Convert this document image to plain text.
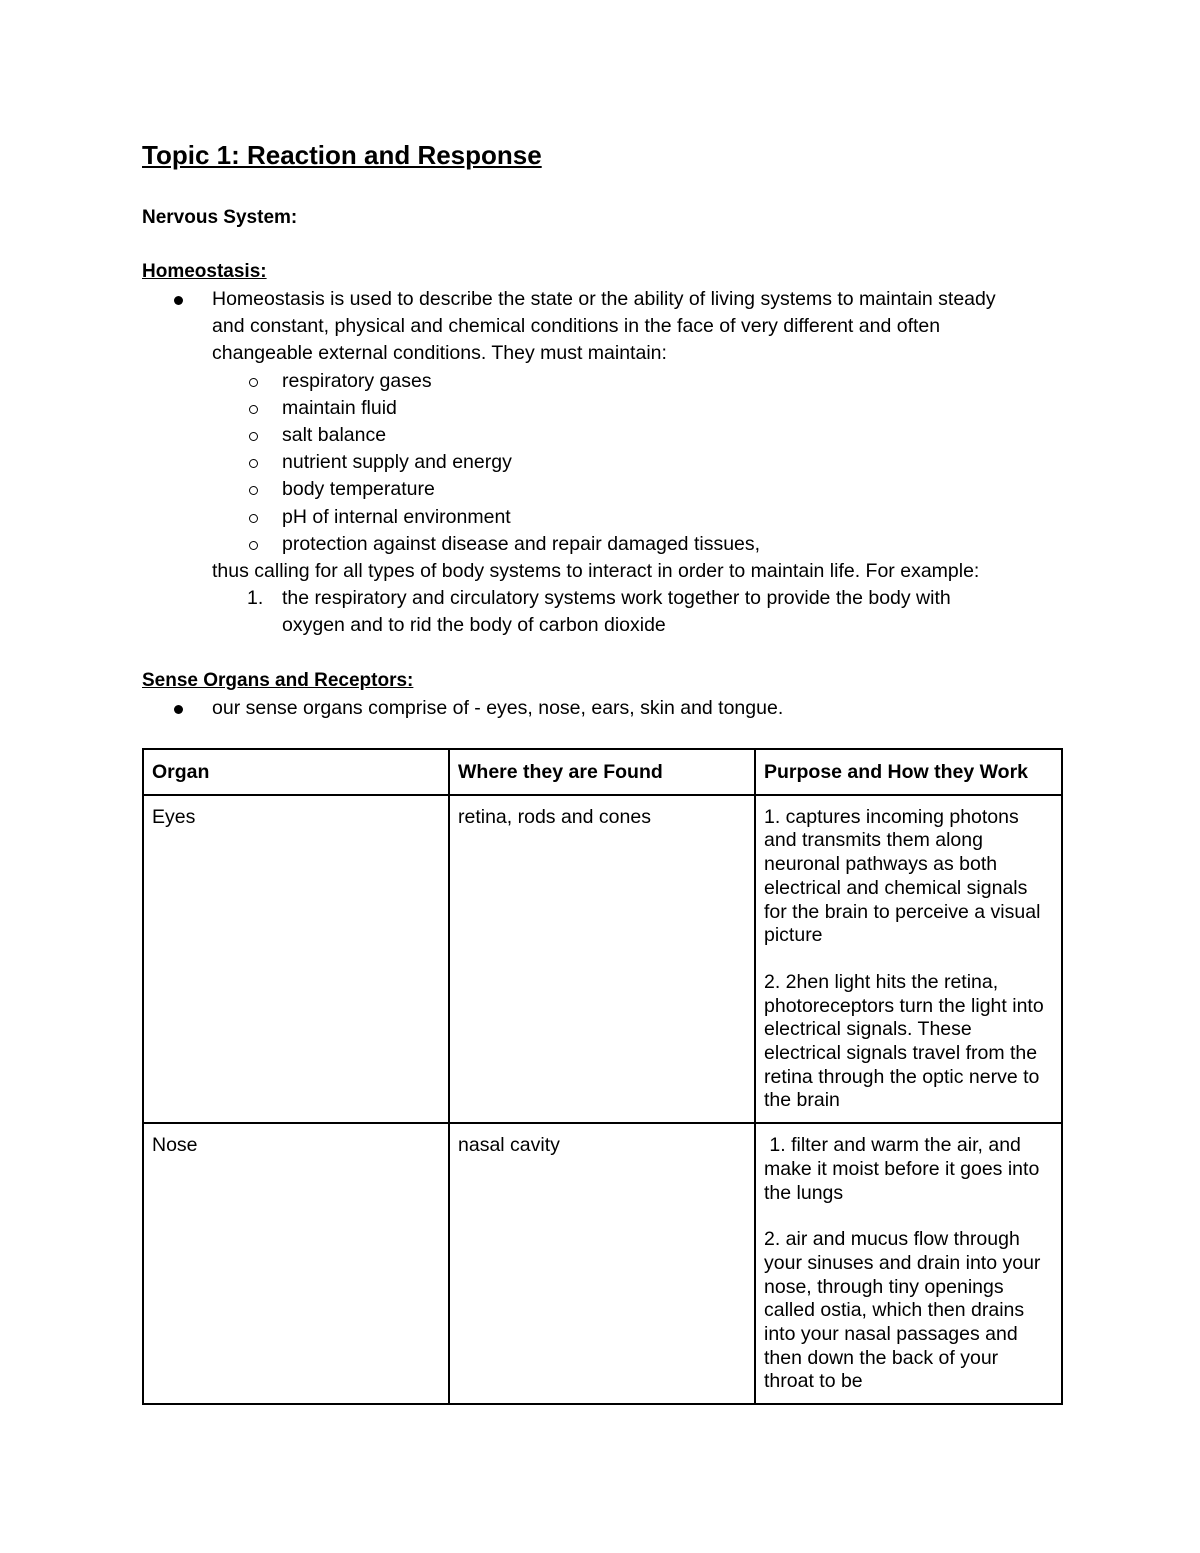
Topic 1: Reaction and Response
Nervous System:
Homeostasis:
Homeostasis is used to describe the state or the ability of living systems to maintain steady
and constant, physical and chemical conditions in the face of very different and often
changeable external conditions. They must maintain:
respiratory gases
maintain fluid
salt balance
nutrient supply and energy
body temperature
pH of internal environment
protection against disease and repair damaged tissues,
thus calling for all types of body systems to interact in order to maintain life. For example:
1. the respiratory and circulatory systems work together to provide the body with
oxygen and to rid the body of carbon dioxide
Sense Organs and Receptors:
our sense organs comprise of - eyes, nose, ears, skin and tongue.
Organ	Where they are Found	Purpose and How they Work
Eyes	retina, rods and cones	1. captures incoming photons and transmits them along neuronal pathways as both electrical and chemical signals for the brain to perceive a visual picture

2. 2hen light hits the retina, photoreceptors turn the light into electrical signals. These electrical signals travel from the retina through the optic nerve to the brain

Nose	nasal cavity	1. filter and warm the air, and make it moist before it goes into the lungs

2. air and mucus flow through your sinuses and drain into your nose, through tiny openings called ostia, which then drains into your nasal passages and then down the back of your throat to be
